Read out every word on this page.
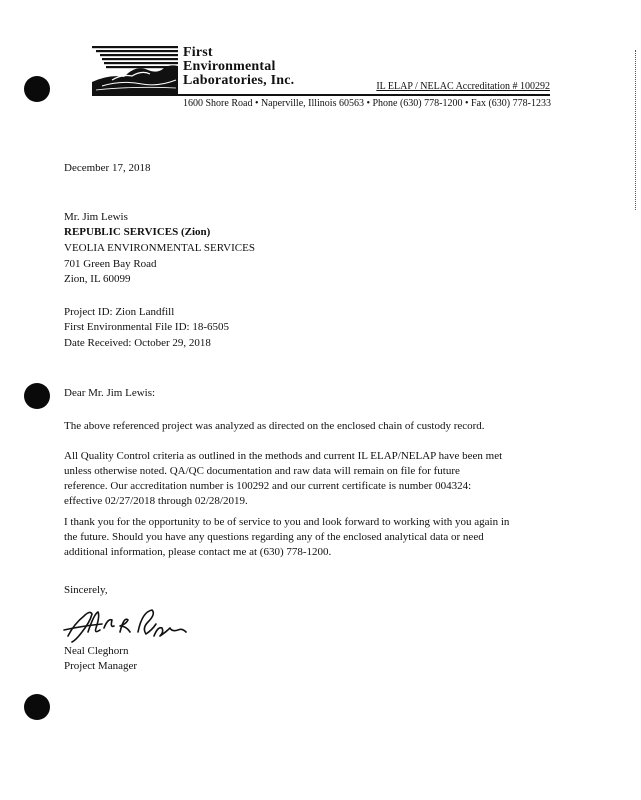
First
Environmental
Laboratories, Inc.	IL ELAP / NELAC Accreditation # 100292
1600 Shore Road • Naperville, Illinois 60563 • Phone (630) 778-1200 • Fax (630) 778-1233
December 17, 2018
Mr. Jim Lewis
REPUBLIC SERVICES (Zion)
VEOLIA ENVIRONMENTAL SERVICES
701 Green Bay Road
Zion, IL 60099
Project ID: Zion Landfill
First Environmental File ID: 18-6505
Date Received: October 29, 2018
Dear Mr. Jim Lewis:
The above referenced project was analyzed as directed on the enclosed chain of custody record.
All Quality Control criteria as outlined in the methods and current IL ELAP/NELAP have been met
unless otherwise noted. QA/QC documentation and raw data will remain on file for future
reference. Our accreditation number is 100292 and our current certificate is number 004324:
effective 02/27/2018 through 02/28/2019.
I thank you for the opportunity to be of service to you and look forward to working with you again in
the future. Should you have any questions regarding any of the enclosed analytical data or need
additional information, please contact me at (630) 778-1200.
Sincerely,
Neal Cleghorn
Project Manager
